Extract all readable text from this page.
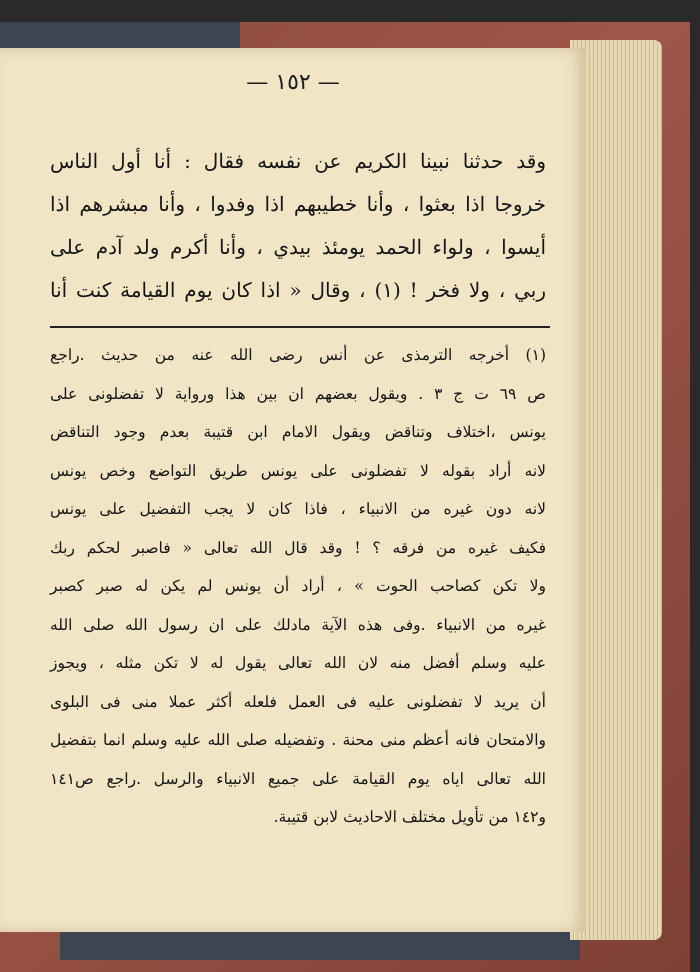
— ١٥٢ —
وقد حدثنا نبينا الكريم عن نفسه فقال : أنا أول الناس
خروجا اذا بعثوا ، وأنا خطيبهم اذا وفدوا ، وأنا مبشرهم اذا
أيسوا ، ولواء الحمد يومئذ بيدي ، وأنا أكرم ولد آدم على
ربي ، ولا فخر ! (١) ، وقال « اذا كان يوم القيامة كنت أنا
(١) أخرجه الترمذى عن أنس رضى الله عنه من حديث .راجع
ص ٦٩ ت ج ٣ . ويقول بعضهم ان بين هذا ورواية لا تفضلونى على
يونس ،اختلاف وتناقض ويقول الامام ابن قتيبة بعدم وجود التناقض
لانه أراد بقوله لا تفضلونى على يونس طريق التواضع وخص يونس
لانه دون غيره من الانبياء ، فاذا كان لا يجب التفضيل على يونس
فكيف غيره من فرقه ؟ ! وقد قال الله تعالى « فاصبر لحكم ربك
ولا تكن كصاحب الحوت » ، أراد أن يونس لم يكن له صبر كصبر
غيره من الانبياء .وفى هذه الآية مادلك على ان رسول الله صلى الله
عليه وسلم أفضل منه لان الله تعالى يقول له لا تكن مثله ، ويجوز
أن يريد لا تفضلونى عليه فى العمل فلعله أكثر عملا منى فى البلوى
والامتحان فانه أعظم منى محنة . وتفضيله صلى الله عليه وسلم انما بتفضيل
الله تعالى اياه يوم القيامة على جميع الانبياء والرسل .راجع ص١٤١
و١٤٢ من تأويل مختلف الاحاديث لابن قتيبة.
